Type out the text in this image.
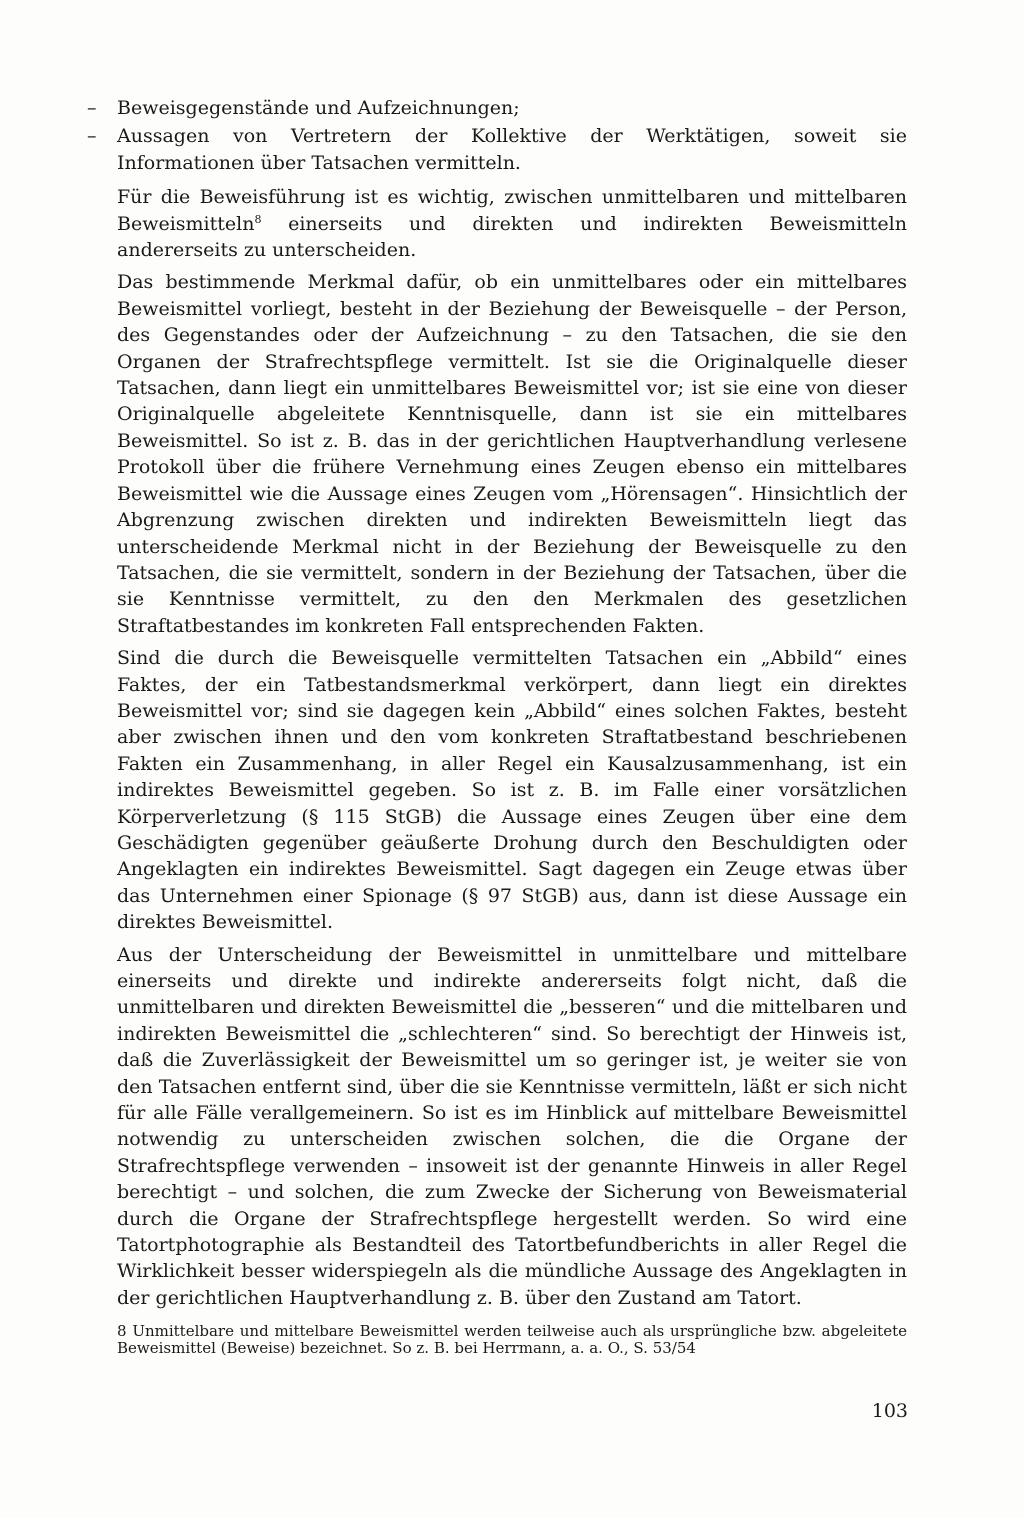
–	Beweisgegenstände und Aufzeichnungen;
–	Aussagen von Vertretern der Kollektive der Werktätigen, soweit sie Informationen über Tatsachen vermitteln.

Für die Beweisführung ist es wichtig, zwischen unmittelbaren und mittelbaren Beweismitteln$^8$ einerseits und direkten und indirekten Beweismitteln andererseits zu unterscheiden.

Das bestimmende Merkmal dafür, ob ein unmittelbares oder ein mittelbares Beweismittel vorliegt, besteht in der Beziehung der Beweisquelle – der Person, des Gegenstandes oder der Aufzeichnung – zu den Tatsachen, die sie den Organen der Strafrechtspflege vermittelt. Ist sie die Originalquelle dieser Tatsachen, dann liegt ein unmittelbares Beweismittel vor; ist sie eine von dieser Originalquelle abgeleitete Kenntnisquelle, dann ist sie ein mittelbares Beweismittel. So ist z. B. das in der gerichtlichen Hauptverhandlung verlesene Protokoll über die frühere Vernehmung eines Zeugen ebenso ein mittelbares Beweismittel wie die Aussage eines Zeugen vom „Hörensagen“. Hinsichtlich der Abgrenzung zwischen direkten und indirekten Beweismitteln liegt das unterscheidende Merkmal nicht in der Beziehung der Beweisquelle zu den Tatsachen, die sie vermittelt, sondern in der Beziehung der Tatsachen, über die sie Kenntnisse vermittelt, zu den den Merkmalen des gesetzlichen Straftatbestandes im konkreten Fall entsprechenden Fakten.

Sind die durch die Beweisquelle vermittelten Tatsachen ein „Abbild“ eines Faktes, der ein Tatbestandsmerkmal verkörpert, dann liegt ein direktes Beweismittel vor; sind sie dagegen kein „Abbild“ eines solchen Faktes, besteht aber zwischen ihnen und den vom konkreten Straftatbestand beschriebenen Fakten ein Zusammenhang, in aller Regel ein Kausalzusammenhang, ist ein indirektes Beweismittel gegeben. So ist z. B. im Falle einer vorsätzlichen Körperverletzung (§ 115 StGB) die Aussage eines Zeugen über eine dem Geschädigten gegenüber geäußerte Drohung durch den Beschuldigten oder Angeklagten ein indirektes Beweismittel. Sagt dagegen ein Zeuge etwas über das Unternehmen einer Spionage (§ 97 StGB) aus, dann ist diese Aussage ein direktes Beweismittel.

Aus der Unterscheidung der Beweismittel in unmittelbare und mittelbare einerseits und direkte und indirekte andererseits folgt nicht, daß die unmittelbaren und direkten Beweismittel die „besseren“ und die mittelbaren und indirekten Beweismittel die „schlechteren“ sind. So berechtigt der Hinweis ist, daß die Zuverlässigkeit der Beweismittel um so geringer ist, je weiter sie von den Tatsachen entfernt sind, über die sie Kenntnisse vermitteln, läßt er sich nicht für alle Fälle verallgemeinern. So ist es im Hinblick auf mittelbare Beweismittel notwendig zu unterscheiden zwischen solchen, die die Organe der Strafrechtspflege verwenden – insoweit ist der genannte Hinweis in aller Regel berechtigt – und solchen, die zum Zwecke der Sicherung von Beweismaterial durch die Organe der Strafrechtspflege hergestellt werden. So wird eine Tatortphotographie als Bestandteil des Tatortbefundberichts in aller Regel die Wirklichkeit besser widerspiegeln als die mündliche Aussage des Angeklagten in der gerichtlichen Hauptverhandlung z. B. über den Zustand am Tatort.

8 Unmittelbare und mittelbare Beweismittel werden teilweise auch als ursprüngliche bzw. abgeleitete Beweismittel (Beweise) bezeichnet. So z. B. bei Herrmann, a. a. O., S. 53/54
103
